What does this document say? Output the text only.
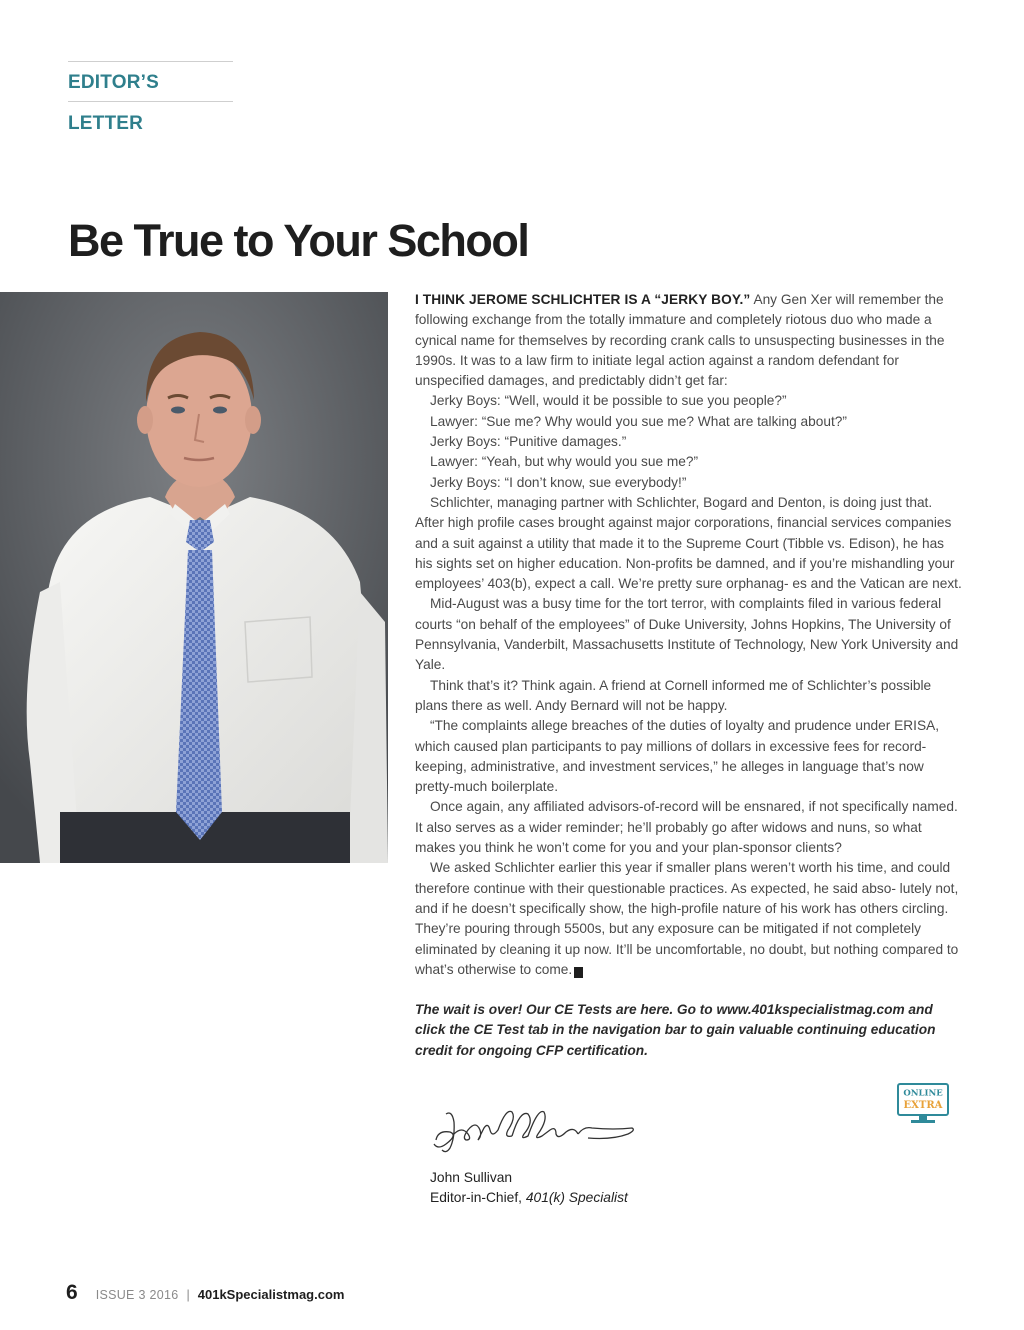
EDITOR’S LETTER
Be True to Your School

I THINK JEROME SCHLICHTER IS A “JERKY BOY.” Any Gen Xer will remember the following exchange from the totally immature and completely riotous duo who made a cynical name for themselves by recording crank calls to unsuspecting businesses in the 1990s. It was to a law firm to initiate legal action against a random defendant for unspecified damages, and predictably didn’t get far:

Jerky Boys: “Well, would it be possible to sue you people?”

Lawyer: “Sue me? Why would you sue me? What are talking about?”

Jerky Boys: “Punitive damages.”

Lawyer: “Yeah, but why would you sue me?”

Jerky Boys: “I don’t know, sue everybody!”

Schlichter, managing partner with Schlichter, Bogard and Denton, is doing just that. After high profile cases brought against major corporations, financial services companies and a suit against a utility that made it to the Supreme Court (Tibble vs. Edison), he has his sights set on higher education. Non-profits be damned, and if you’re mishandling your employees’ 403(b), expect a call. We’re pretty sure orphanag- es and the Vatican are next.

Mid-August was a busy time for the tort terror, with complaints filed in various federal courts “on behalf of the employees” of Duke University, Johns Hopkins, The University of Pennsylvania, Vanderbilt, Massachusetts Institute of Technology, New York University and Yale.

Think that’s it? Think again. A friend at Cornell informed me of Schlichter’s possible plans there as well. Andy Bernard will not be happy.

“The complaints allege breaches of the duties of loyalty and prudence under ERISA, which caused plan participants to pay millions of dollars in excessive fees for record- keeping, administrative, and investment services,” he alleges in language that’s now pretty-much boilerplate.

Once again, any affiliated advisors-of-record will be ensnared, if not specifically named. It also serves as a wider reminder; he’ll probably go after widows and nuns, so what makes you think he won’t come for you and your plan-sponsor clients?

We asked Schlichter earlier this year if smaller plans weren’t worth his time, and could therefore continue with their questionable practices. As expected, he said abso- lutely not, and if he doesn’t specifically show, the high-profile nature of his work has others circling. They’re pouring through 5500s, but any exposure can be mitigated if not completely eliminated by cleaning it up now. It’ll be uncomfortable, no doubt, but nothing compared to what’s otherwise to come. K

The wait is over! Our CE Tests are here. Go to www.401kspecialistmag.com and click the CE Test tab in the navigation bar to gain valuable continuing education credit for ongoing CFP certification.

ONLINE
EXTRA
John Sullivan
Editor-in-Chief, 401(k) Specialist
6 ISSUE 3 2016 | 401kSpecialistmag.com
